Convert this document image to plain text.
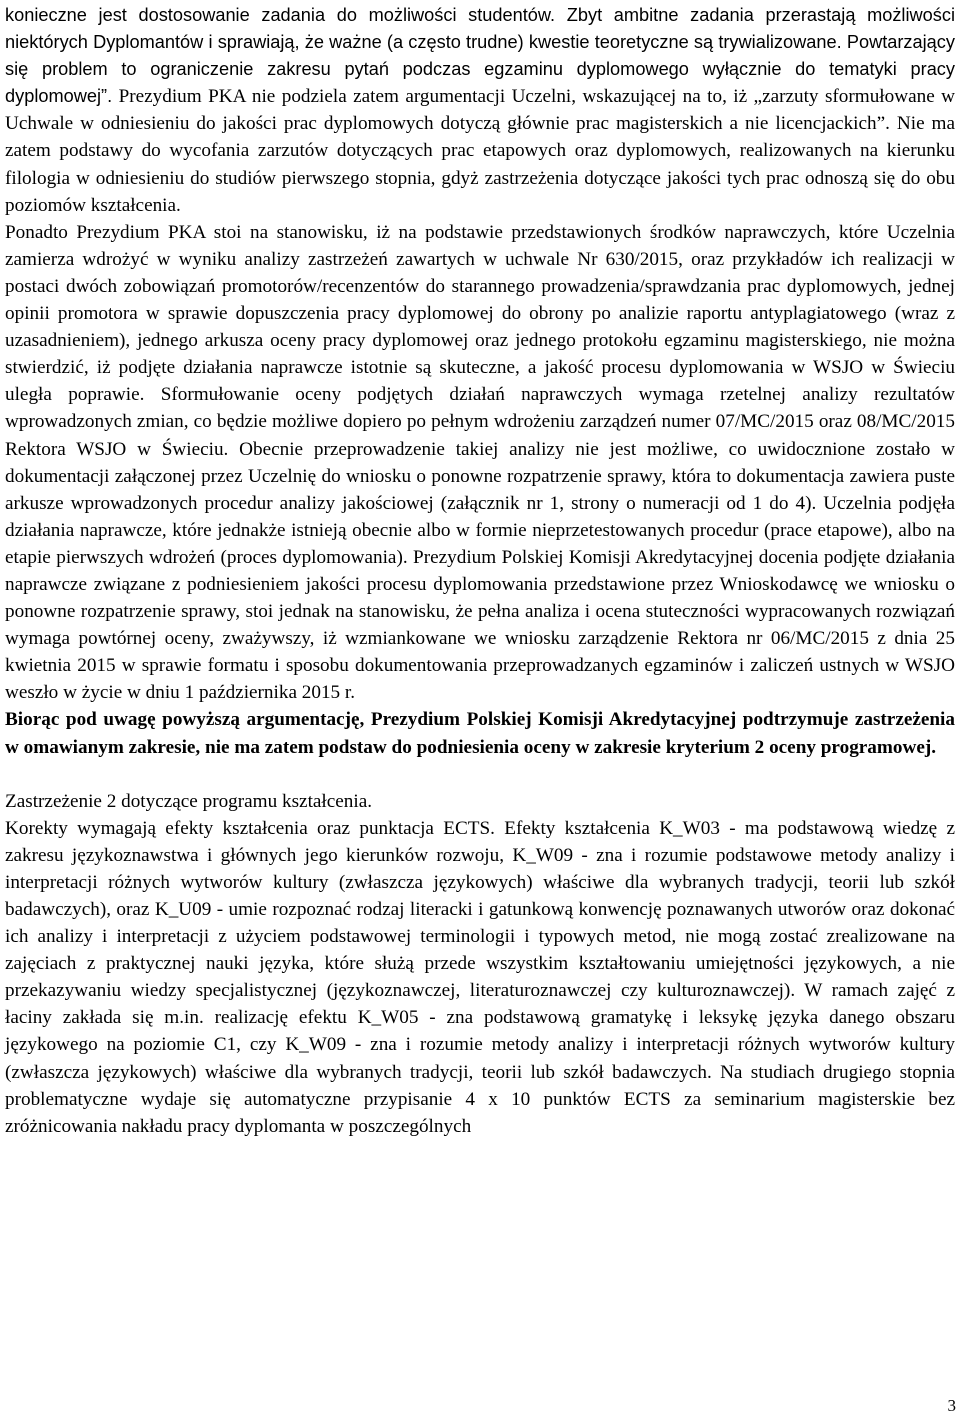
konieczne jest dostosowanie zadania do możliwości studentów. Zbyt ambitne zadania przerastają możliwości niektórych Dyplomantów i sprawiają, że ważne (a często trudne) kwestie teoretyczne są trywializowane. Powtarzający się problem to ograniczenie zakresu pytań podczas egzaminu dyplomowego wyłącznie do tematyki pracy dyplomowej”. Prezydium PKA nie podziela zatem argumentacji Uczelni, wskazującej na to, iż „zarzuty sformułowane w Uchwale w odniesieniu do jakości prac dyplomowych dotyczą głównie prac magisterskich a nie licencjackich”. Nie ma zatem podstawy do wycofania zarzutów dotyczących prac etapowych oraz dyplomowych, realizowanych na kierunku filologia w odniesieniu do studiów pierwszego stopnia, gdyż zastrzeżenia dotyczące jakości tych prac odnoszą się do obu poziomów kształcenia.

Ponadto Prezydium PKA stoi na stanowisku, iż na podstawie przedstawionych środków naprawczych, które Uczelnia zamierza wdrożyć w wyniku analizy zastrzeżeń zawartych w uchwale Nr 630/2015, oraz przykładów ich realizacji w postaci dwóch zobowiązań promotorów/recenzentów do starannego prowadzenia/sprawdzania prac dyplomowych, jednej opinii promotora w sprawie dopuszczenia pracy dyplomowej do obrony po analizie raportu antyplagiatowego (wraz z uzasadnieniem), jednego arkusza oceny pracy dyplomowej oraz jednego protokołu egzaminu magisterskiego, nie można stwierdzić, iż podjęte działania naprawcze istotnie są skuteczne, a jakość procesu dyplomowania w WSJO w Świeciu uległa poprawie. Sformułowanie oceny podjętych działań naprawczych wymaga rzetelnej analizy rezultatów wprowadzonych zmian, co będzie możliwe dopiero po pełnym wdrożeniu zarządzeń numer 07/MC/2015 oraz 08/MC/2015 Rektora WSJO w Świeciu. Obecnie przeprowadzenie takiej analizy nie jest możliwe, co uwidocznione zostało w dokumentacji załączonej przez Uczelnię do wniosku o ponowne rozpatrzenie sprawy, która to dokumentacja zawiera puste arkusze wprowadzonych procedur analizy jakościowej (załącznik nr 1, strony o numeracji od 1 do 4). Uczelnia podjęła działania naprawcze, które jednakże istnieją obecnie albo w formie nieprzetestowanych procedur (prace etapowe), albo na etapie pierwszych wdrożeń (proces dyplomowania). Prezydium Polskiej Komisji Akredytacyjnej docenia podjęte działania naprawcze związane z podniesieniem jakości procesu dyplomowania przedstawione przez Wnioskodawcę we wniosku o ponowne rozpatrzenie sprawy, stoi jednak na stanowisku, że pełna analiza i ocena stuteczności wypracowanych rozwiązań wymaga powtórnej oceny, zważywszy, iż wzmiankowane we wniosku zarządzenie Rektora nr 06/MC/2015 z dnia 25 kwietnia 2015 w sprawie formatu i sposobu dokumentowania przeprowadzanych egzaminów i zaliczeń ustnych w WSJO weszło w życie w dniu 1 października 2015 r.

Biorąc pod uwagę powyższą argumentację, Prezydium Polskiej Komisji Akredytacyjnej podtrzymuje zastrzeżenia w omawianym zakresie, nie ma zatem podstaw do podniesienia oceny w zakresie kryterium 2 oceny programowej.

Zastrzeżenie 2 dotyczące programu kształcenia.

Korekty wymagają efekty kształcenia oraz punktacja ECTS. Efekty kształcenia K_W03 - ma podstawową wiedzę z zakresu językoznawstwa i głównych jego kierunków rozwoju, K_W09 - zna i rozumie podstawowe metody analizy i interpretacji różnych wytworów kultury (zwłaszcza językowych) właściwe dla wybranych tradycji, teorii lub szkół badawczych), oraz K_U09 - umie rozpoznać rodzaj literacki i gatunkową konwencję poznawanych utworów oraz dokonać ich analizy i interpretacji z użyciem podstawowej terminologii i typowych metod, nie mogą zostać zrealizowane na zajęciach z praktycznej nauki języka, które służą przede wszystkim kształtowaniu umiejętności językowych, a nie przekazywaniu wiedzy specjalistycznej (językoznawczej, literaturoznawczej czy kulturoznawczej). W ramach zajęć z łaciny zakłada się m.in. realizację efektu K_W05 - zna podstawową gramatykę i leksykę języka danego obszaru językowego na poziomie C1, czy K_W09 - zna i rozumie metody analizy i interpretacji różnych wytworów kultury (zwłaszcza językowych) właściwe dla wybranych tradycji, teorii lub szkół badawczych. Na studiach drugiego stopnia problematyczne wydaje się automatyczne przypisanie 4 x 10 punktów ECTS za seminarium magisterskie bez zróżnicowania nakładu pracy dyplomanta w poszczególnych

3
